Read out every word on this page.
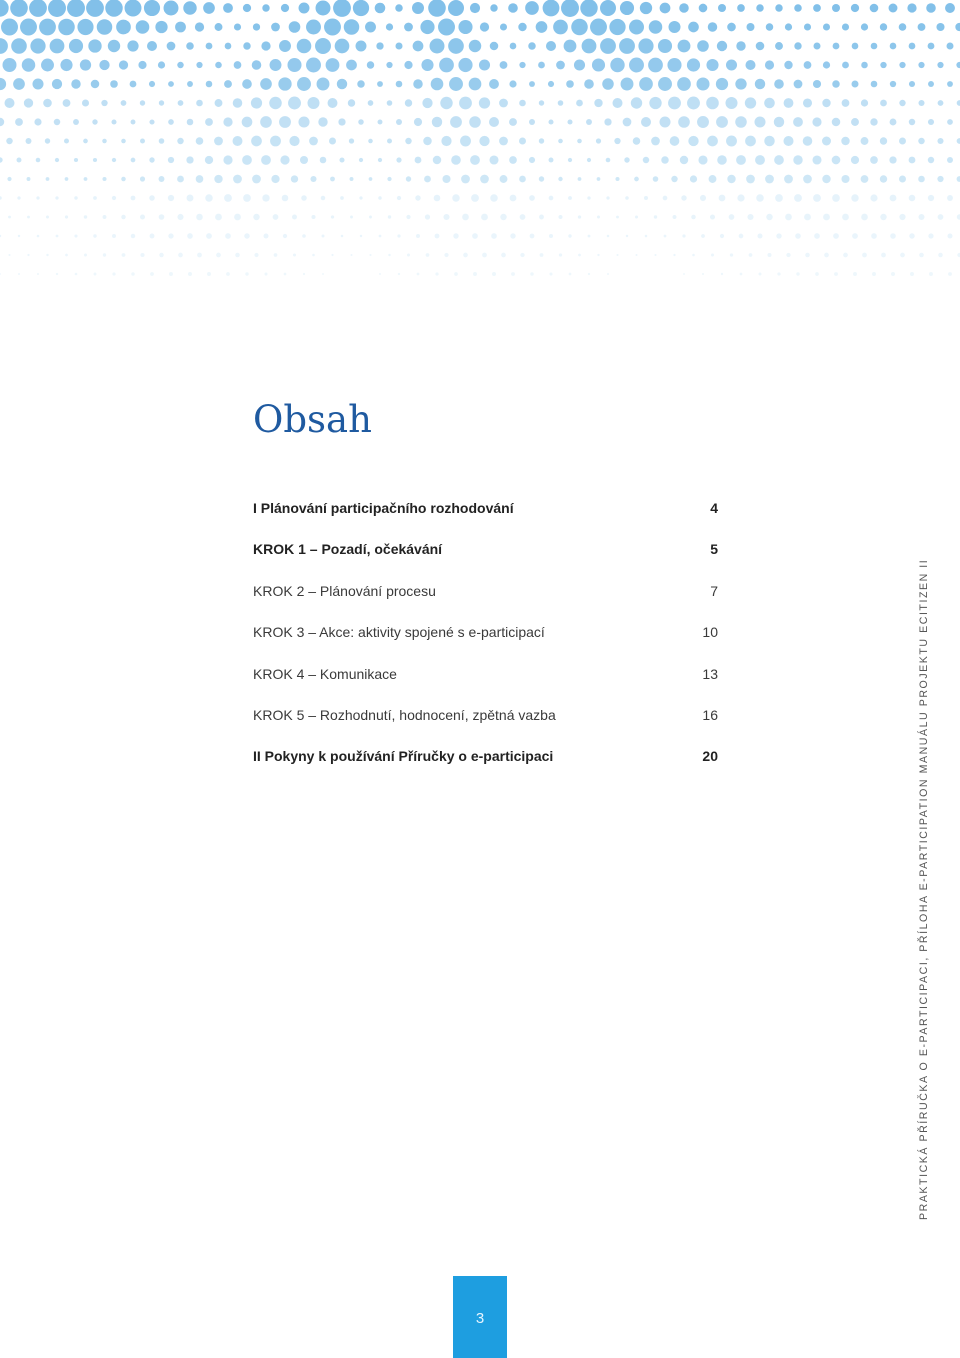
Obsah
I Plánování participačního rozhodování	4
KROK 1 – Pozadí, očekávání	5
KROK 2 – Plánování procesu	7
KROK 3 – Akce: aktivity spojené s e-participací	10
KROK 4 – Komunikace	13
KROK 5 – Rozhodnutí, hodnocení, zpětná vazba	16
II Pokyny k používání Příručky o e-participaci	20	PRAKTICKÁ PŘÍRUČKA O E-PARTICIPACI, PŘÍLOHA E-PARTICIPATION MANUÁLU PROJEKTU ECITIZEN II
3
